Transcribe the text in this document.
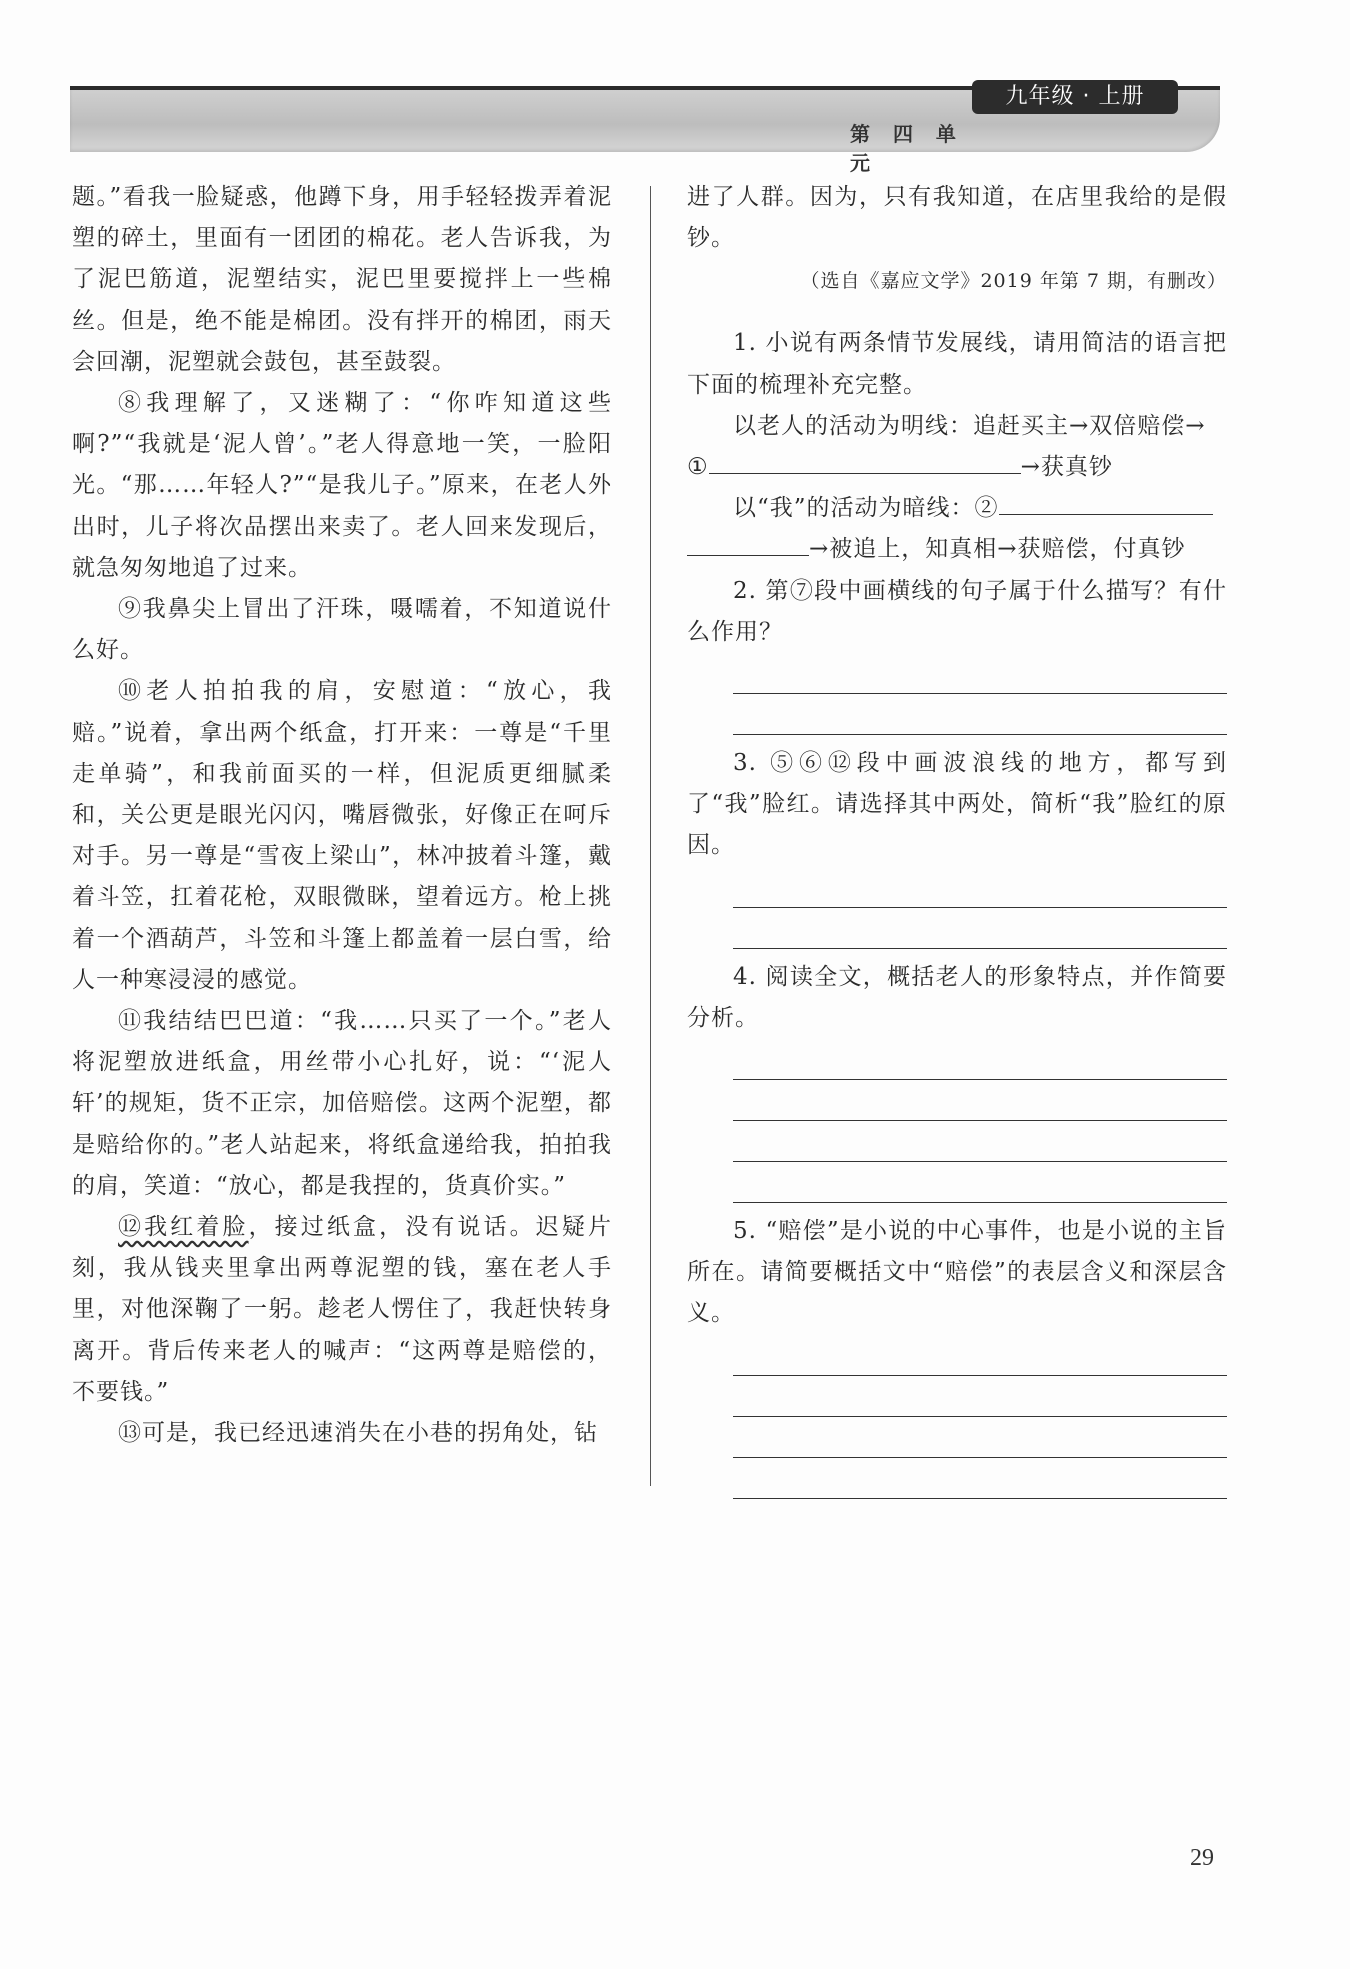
九年级 · 上册
第 四 单 元

题。”看我一脸疑惑，他蹲下身，用手轻轻拨弄着泥塑的碎土，里面有一团团的棉花。老人告诉我，为了泥巴筋道，泥塑结实，泥巴里要搅拌上一些棉丝。但是，绝不能是棉团。没有拌开的棉团，雨天会回潮，泥塑就会鼓包，甚至鼓裂。

⑧我理解了，又迷糊了：“你咋知道这些啊?”“我就是‘泥人曾’。”老人得意地一笑，一脸阳光。“那……年轻人?”“是我儿子。”原来，在老人外出时，儿子将次品摆出来卖了。老人回来发现后，就急匆匆地追了过来。

⑨我鼻尖上冒出了汗珠，嗫嚅着，不知道说什么好。

⑩老人拍拍我的肩，安慰道：“放心，我赔。”说着，拿出两个纸盒，打开来：一尊是“千里走单骑”，和我前面买的一样，但泥质更细腻柔和，关公更是眼光闪闪，嘴唇微张，好像正在呵斥对手。另一尊是“雪夜上梁山”，林冲披着斗篷，戴着斗笠，扛着花枪，双眼微眯，望着远方。枪上挑着一个酒葫芦，斗笠和斗篷上都盖着一层白雪，给人一种寒浸浸的感觉。

⑪我结结巴巴道：“我……只买了一个。”老人将泥塑放进纸盒，用丝带小心扎好，说：“‘泥人轩’的规矩，货不正宗，加倍赔偿。这两个泥塑，都是赔给你的。”老人站起来，将纸盒递给我，拍拍我的肩，笑道：“放心，都是我捏的，货真价实。”

⑫我红着脸，接过纸盒，没有说话。迟疑片刻，我从钱夹里拿出两尊泥塑的钱，塞在老人手里，对他深鞠了一躬。趁老人愣住了，我赶快转身离开。背后传来老人的喊声：“这两尊是赔偿的，不要钱。”

⑬可是，我已经迅速消失在小巷的拐角处，钻

进了人群。因为，只有我知道，在店里我给的是假钞。

（选自《嘉应文学》2019 年第 7 期，有删改）

1. 小说有两条情节发展线，请用简洁的语言把下面的梳理补充完整。

以老人的活动为明线：追赶买主→双倍赔偿→

①	→获真钞

以“我”的活动为暗线：②

→被追上，知真相→获赔偿，付真钞

2. 第⑦段中画横线的句子属于什么描写？有什么作用？

3. ⑤⑥⑫段中画波浪线的地方，都写到了“我”脸红。请选择其中两处，简析“我”脸红的原因。

4. 阅读全文，概括老人的形象特点，并作简要分析。

5. “赔偿”是小说的中心事件，也是小说的主旨所在。请简要概括文中“赔偿”的表层含义和深层含义。

29
